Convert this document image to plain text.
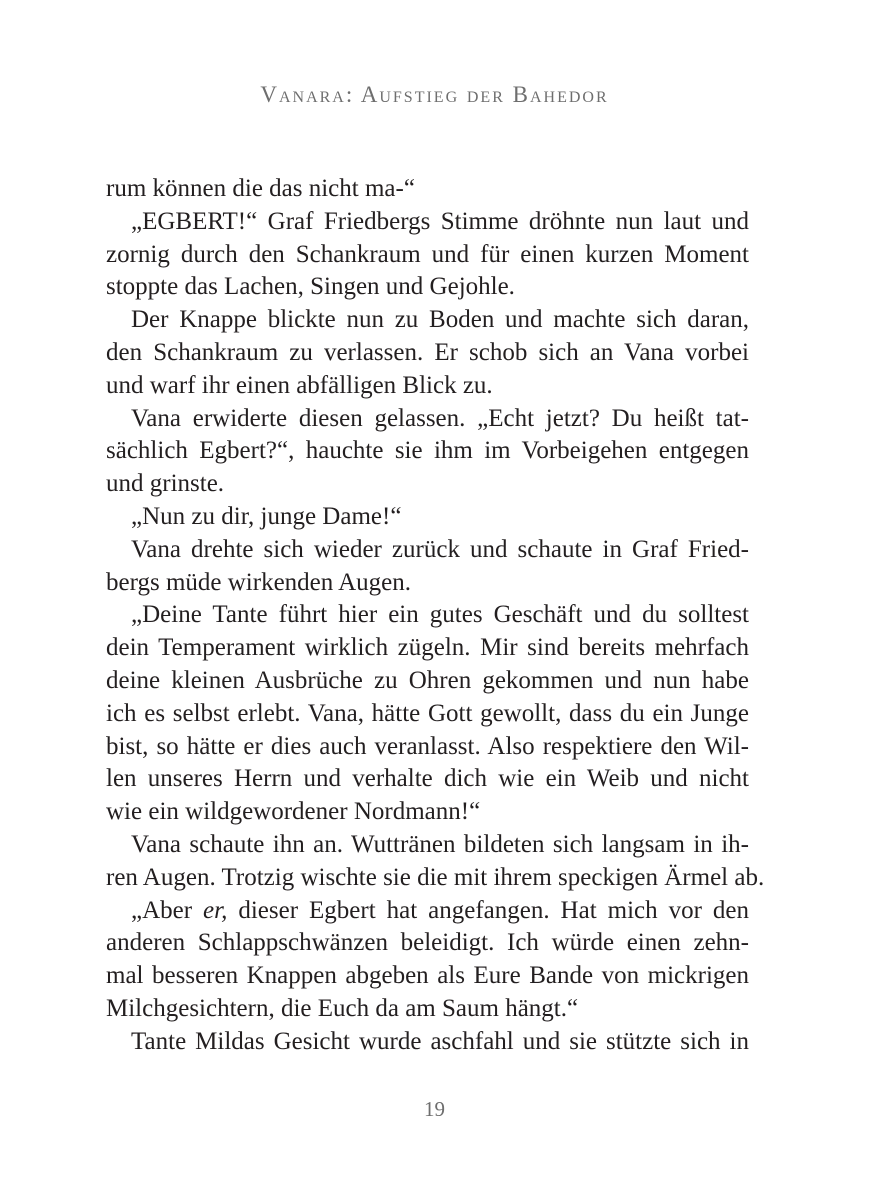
Vanara: Aufstieg der Bahedor
rum können die das nicht ma-“
„EGBERT!“ Graf Friedbergs Stimme dröhnte nun laut und
zornig durch den Schankraum und für einen kurzen Moment
stoppte das Lachen, Singen und Gejohle.
Der Knappe blickte nun zu Boden und machte sich daran,
den Schankraum zu verlassen. Er schob sich an Vana vorbei
und warf ihr einen abfälligen Blick zu.
Vana erwiderte diesen gelassen. „Echt jetzt? Du heißt tat-
sächlich Egbert?“, hauchte sie ihm im Vorbeigehen entgegen
und grinste.
„Nun zu dir, junge Dame!“
Vana drehte sich wieder zurück und schaute in Graf Fried-
bergs müde wirkenden Augen.
„Deine Tante führt hier ein gutes Geschäft und du solltest
dein Temperament wirklich zügeln. Mir sind bereits mehrfach
deine kleinen Ausbrüche zu Ohren gekommen und nun habe
ich es selbst erlebt. Vana, hätte Gott gewollt, dass du ein Junge
bist, so hätte er dies auch veranlasst. Also respektiere den Wil-
len unseres Herrn und verhalte dich wie ein Weib und nicht
wie ein wildgewordener Nordmann!“
Vana schaute ihn an. Wuttränen bildeten sich langsam in ih-
ren Augen. Trotzig wischte sie die mit ihrem speckigen Ärmel ab.
„Aber er, dieser Egbert hat angefangen. Hat mich vor den
anderen Schlappschwänzen beleidigt. Ich würde einen zehn-
mal besseren Knappen abgeben als Eure Bande von mickrigen
Milchgesichtern, die Euch da am Saum hängt.“
Tante Mildas Gesicht wurde aschfahl und sie stützte sich in
19
